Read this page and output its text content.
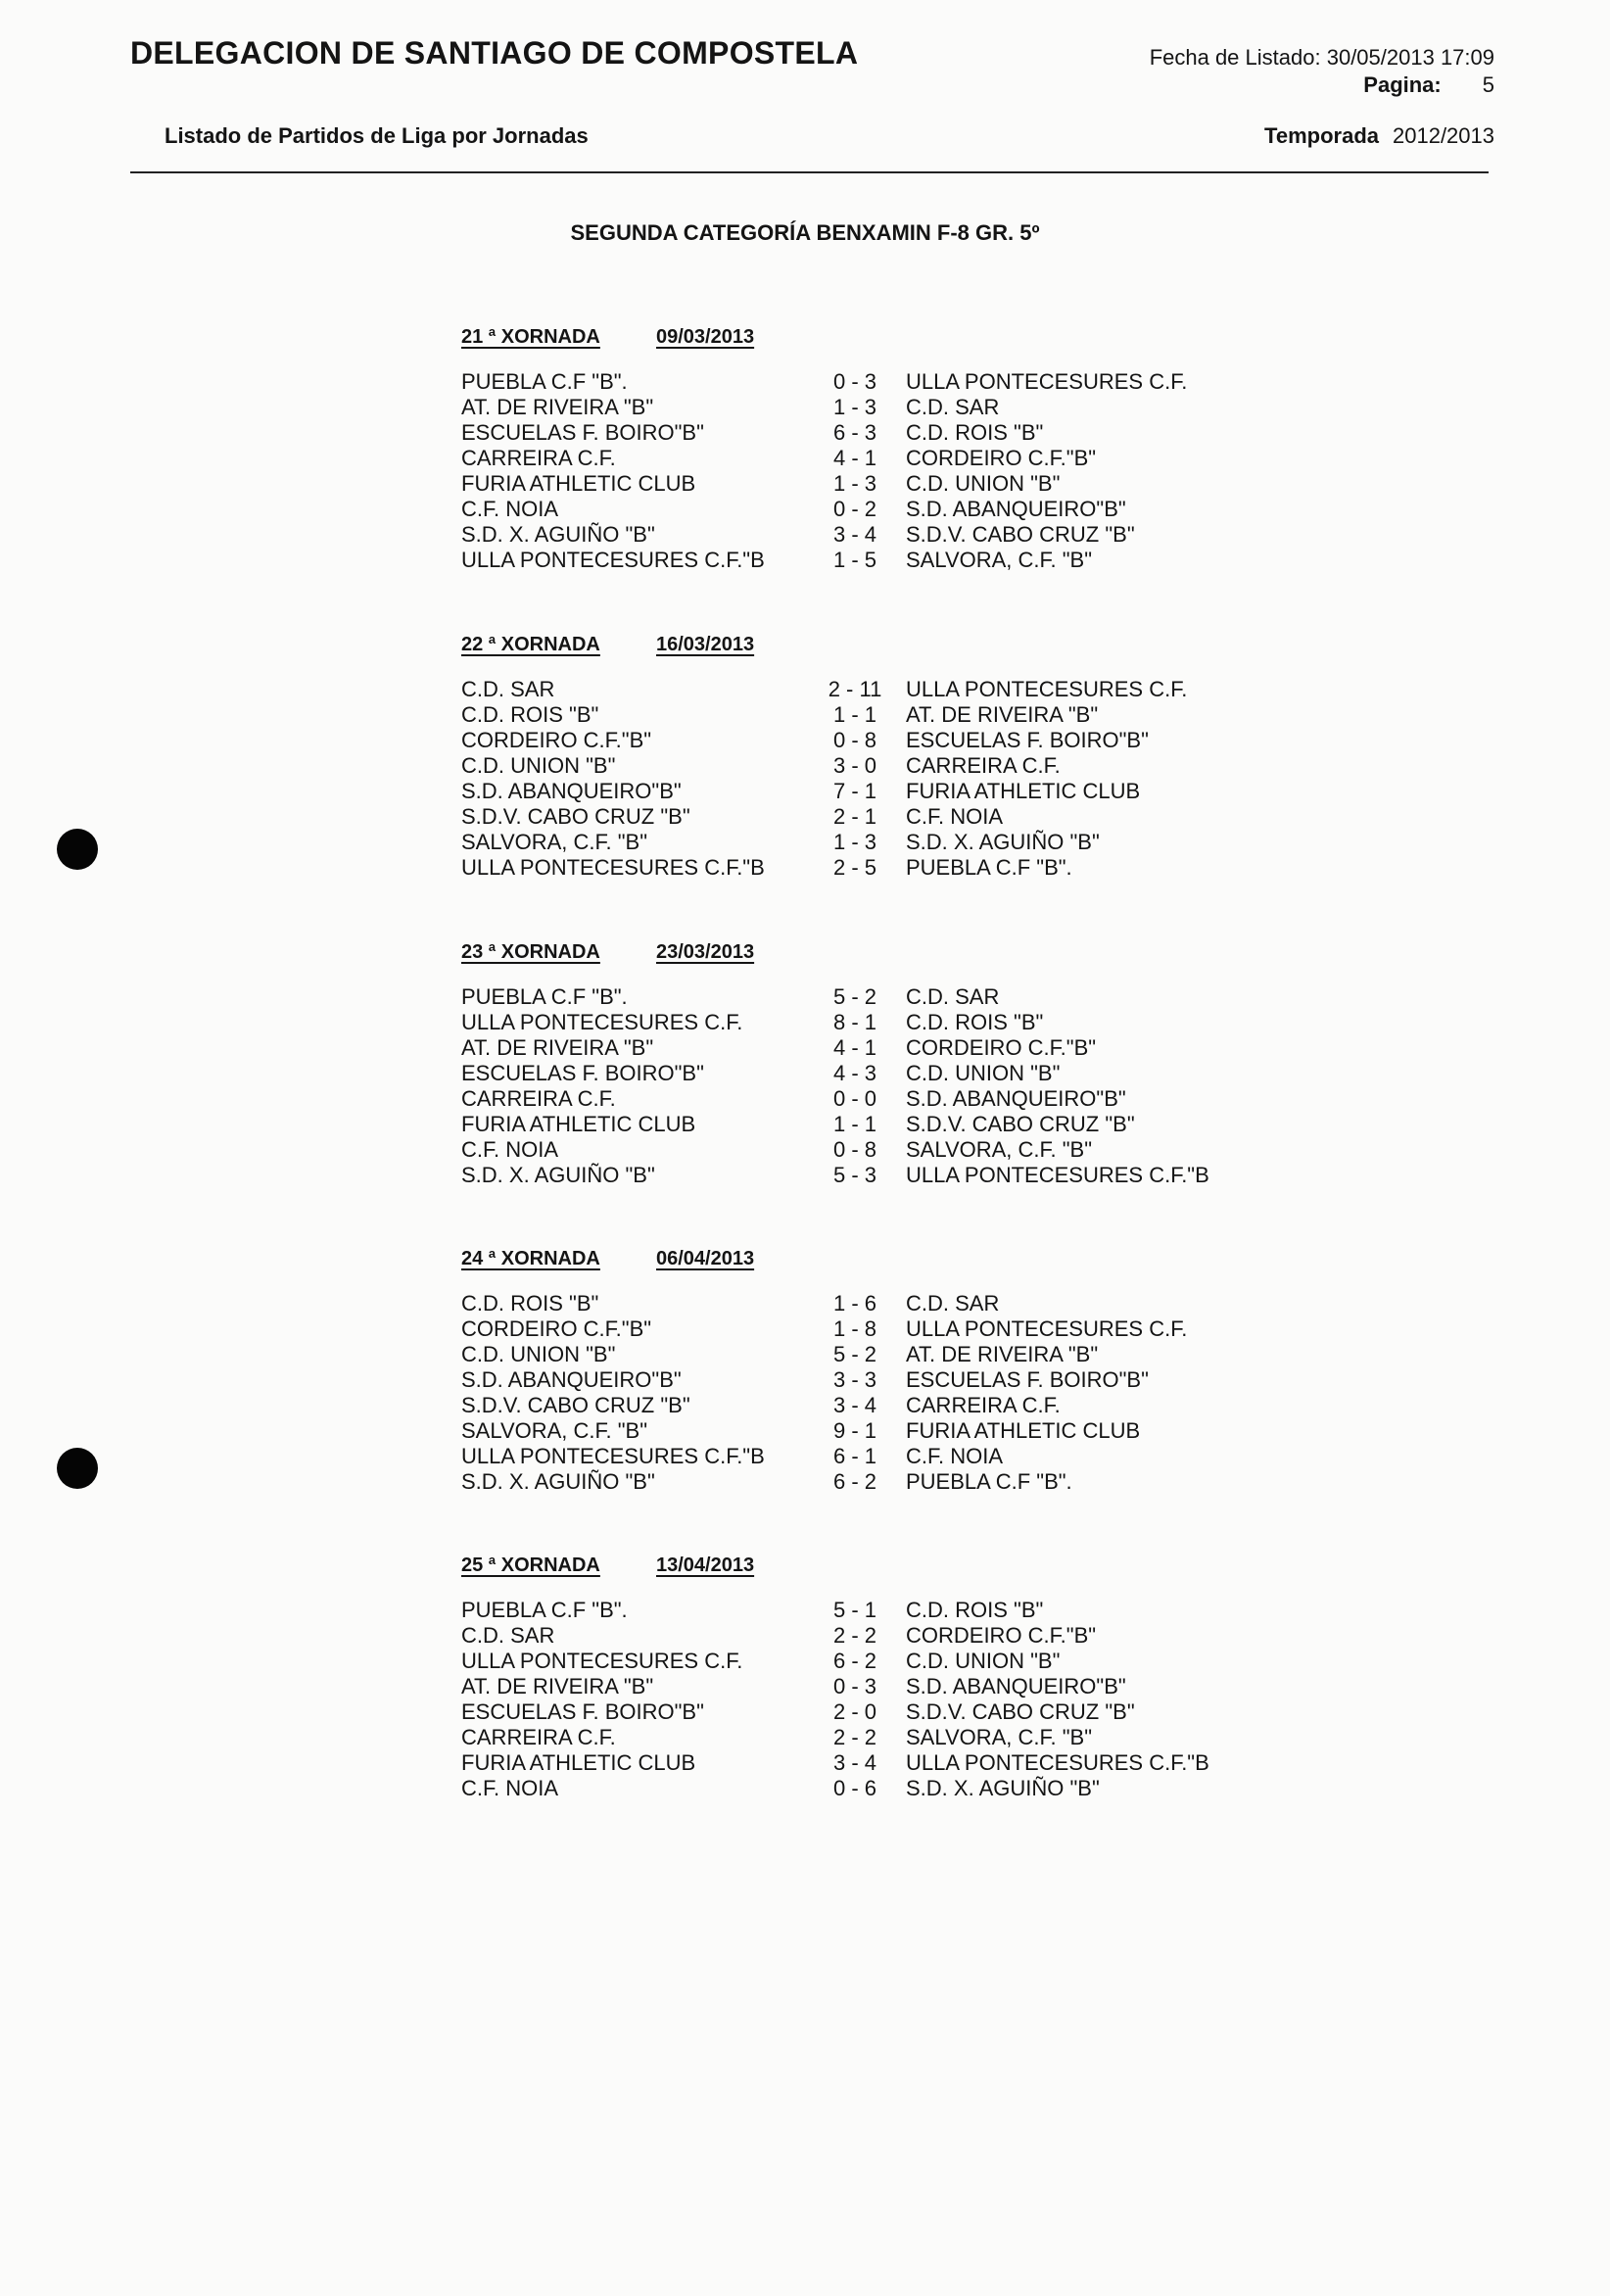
DELEGACION DE SANTIAGO DE COMPOSTELA	Fecha de Listado: 30/05/2013 17:09
Pagina: 5
Listado de Partidos de Liga por Jornadas	Temporada 2012/2013
SEGUNDA CATEGORÍA BENXAMIN F-8 GR. 5º
21 ª XORNADA	09/03/2013
PUEBLA C.F "B".	0 - 3 ULLA PONTECESURES C.F.
AT. DE RIVEIRA "B"	1 - 3 C.D. SAR
ESCUELAS F. BOIRO"B"	6 - 3 C.D. ROIS "B"
CARREIRA C.F.	4 - 1 CORDEIRO C.F."B"
FURIA ATHLETIC CLUB	1 - 3 C.D. UNION "B"
C.F. NOIA	0 - 2 S.D. ABANQUEIRO"B"
S.D. X. AGUIÑO "B"	3 - 4 S.D.V. CABO CRUZ "B"
ULLA PONTECESURES C.F."B	1 - 5 SALVORA, C.F. "B"
22 ª XORNADA	16/03/2013
C.D. SAR	2 - 11 ULLA PONTECESURES C.F.
C.D. ROIS "B"	1 - 1 AT. DE RIVEIRA "B"
CORDEIRO C.F."B"	0 - 8 ESCUELAS F. BOIRO"B"
C.D. UNION "B"	3 - 0 CARREIRA C.F.
S.D. ABANQUEIRO"B"	7 - 1 FURIA ATHLETIC CLUB
S.D.V. CABO CRUZ "B"	2 - 1 C.F. NOIA
SALVORA, C.F. "B"	1 - 3 S.D. X. AGUIÑO "B"
ULLA PONTECESURES C.F."B	2 - 5 PUEBLA C.F "B".
23 ª XORNADA	23/03/2013
PUEBLA C.F "B".	5 - 2 C.D. SAR
ULLA PONTECESURES C.F.	8 - 1 C.D. ROIS "B"
AT. DE RIVEIRA "B"	4 - 1 CORDEIRO C.F."B"
ESCUELAS F. BOIRO"B"	4 - 3 C.D. UNION "B"
CARREIRA C.F.	0 - 0 S.D. ABANQUEIRO"B"
FURIA ATHLETIC CLUB	1 - 1 S.D.V. CABO CRUZ "B"
C.F. NOIA	0 - 8 SALVORA, C.F. "B"
S.D. X. AGUIÑO "B"	5 - 3 ULLA PONTECESURES C.F."B
24 ª XORNADA	06/04/2013
C.D. ROIS "B"	1 - 6 C.D. SAR
CORDEIRO C.F."B"	1 - 8 ULLA PONTECESURES C.F.
C.D. UNION "B"	5 - 2 AT. DE RIVEIRA "B"
S.D. ABANQUEIRO"B"	3 - 3 ESCUELAS F. BOIRO"B"
S.D.V. CABO CRUZ "B"	3 - 4 CARREIRA C.F.
SALVORA, C.F. "B"	9 - 1 FURIA ATHLETIC CLUB
ULLA PONTECESURES C.F."B	6 - 1 C.F. NOIA
S.D. X. AGUIÑO "B"	6 - 2 PUEBLA C.F "B".
25 ª XORNADA	13/04/2013
PUEBLA C.F "B".	5 - 1 C.D. ROIS "B"
C.D. SAR	2 - 2 CORDEIRO C.F."B"
ULLA PONTECESURES C.F.	6 - 2 C.D. UNION "B"
AT. DE RIVEIRA "B"	0 - 3 S.D. ABANQUEIRO"B"
ESCUELAS F. BOIRO"B"	2 - 0 S.D.V. CABO CRUZ "B"
CARREIRA C.F.	2 - 2 SALVORA, C.F. "B"
FURIA ATHLETIC CLUB	3 - 4 ULLA PONTECESURES C.F."B
C.F. NOIA	0 - 6 S.D. X. AGUIÑO "B"
